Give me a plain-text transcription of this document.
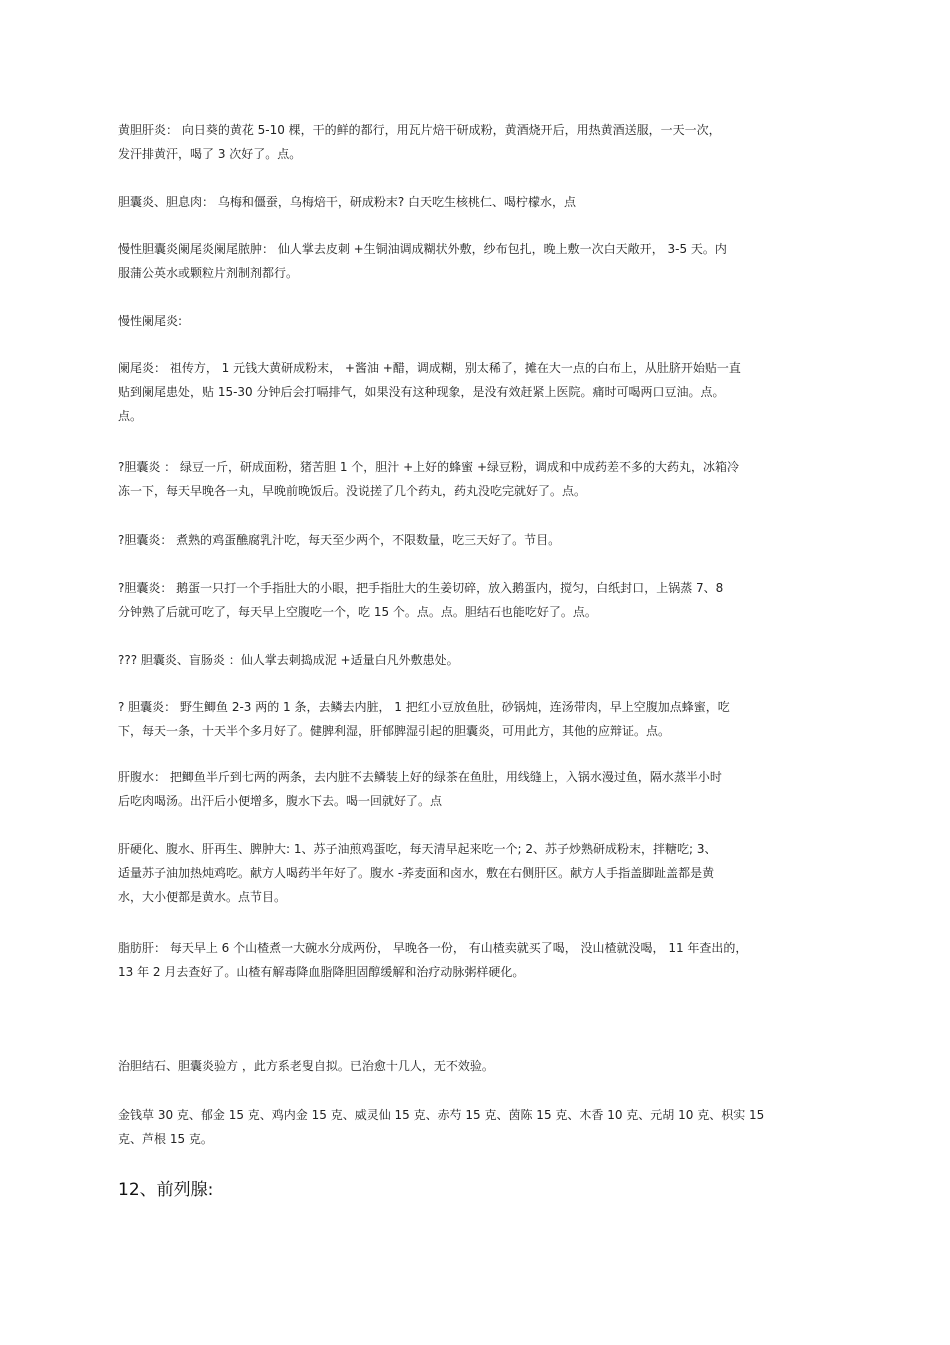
黄胆肝炎： 向日葵的黄花 5-10 棵，干的鲜的都行，用瓦片焙干研成粉，黄酒烧开后，用热黄酒送服，一天一次，
发汗排黄汗，喝了 3 次好了。点。
胆囊炎、胆息肉： 乌梅和僵蚕，乌梅焙干，研成粉末? 白天吃生核桃仁、喝柠檬水，点
慢性胆囊炎阑尾炎阑尾脓肿： 仙人掌去皮刺 +生铜油调成糊状外敷，纱布包扎，晚上敷一次白天敞开， 3-5 天。内
服蒲公英水或颗粒片剂制剂都行。
慢性阑尾炎:
阑尾炎： 祖传方， 1 元钱大黄研成粉末， +酱油 +醋，调成糊，别太稀了，摊在大一点的白布上，从肚脐开始贴一直
贴到阑尾患处，贴 15-30 分钟后会打嗝排气，如果没有这种现象，是没有效赶紧上医院。痛时可喝两口豆油。点。
点。
?胆囊炎 ： 绿豆一斤，研成面粉，猪苦胆 1 个，胆汁 +上好的蜂蜜 +绿豆粉，调成和中成药差不多的大药丸，冰箱冷
冻一下，每天早晚各一丸，早晚前晚饭后。没说搓了几个药丸，药丸没吃完就好了。点。
?胆囊炎： 煮熟的鸡蛋醮腐乳汁吃，每天至少两个，不限数量，吃三天好了。节目。
?胆囊炎： 鹅蛋一只打一个手指肚大的小眼，把手指肚大的生姜切碎，放入鹅蛋内，搅匀，白纸封口，上锅蒸 7、8
分钟熟了后就可吃了，每天早上空腹吃一个，吃 15 个。点。点。胆结石也能吃好了。点。
??? 胆囊炎、盲肠炎 ：仙人掌去刺捣成泥 +适量白凡外敷患处。
? 胆囊炎： 野生鲫鱼 2-3 两的 1 条，去鳞去内脏， 1 把红小豆放鱼肚，砂锅炖，连汤带肉，早上空腹加点蜂蜜，吃
下，每天一条，十天半个多月好了。健脾利湿，肝郁脾湿引起的胆囊炎，可用此方，其他的应辩证。点。
肝腹水： 把鲫鱼半斤到七两的两条，去内脏不去鳞装上好的绿茶在鱼肚，用线缝上，入锅水漫过鱼，隔水蒸半小时
后吃肉喝汤。出汗后小便增多，腹水下去。喝一回就好了。点
肝硬化、腹水、肝再生、脾肿大: 1、苏子油煎鸡蛋吃，每天清早起来吃一个; 2、苏子炒熟研成粉末，拌糖吃; 3、
适量苏子油加热炖鸡吃。献方人喝药半年好了。腹水 -荞麦面和卤水，敷在右侧肝区。献方人手指盖脚趾盖都是黄
水，大小便都是黄水。点节目。
脂肪肝： 每天早上 6 个山楂煮一大碗水分成两份， 早晚各一份， 有山楂卖就买了喝， 没山楂就没喝， 11 年查出的，
13 年 2 月去查好了。山楂有解毒降血脂降胆固醇缓解和治疗动脉粥样硬化。
治胆结石、胆囊炎验方 ，此方系老叟自拟。已治愈十几人，无不效验。
金钱草 30 克、郁金 15 克、鸡内金 15 克、威灵仙 15 克、赤芍 15 克、茵陈 15 克、木香 10 克、元胡 10 克、枳实 15
克、芦根 15 克。
12、前列腺:
